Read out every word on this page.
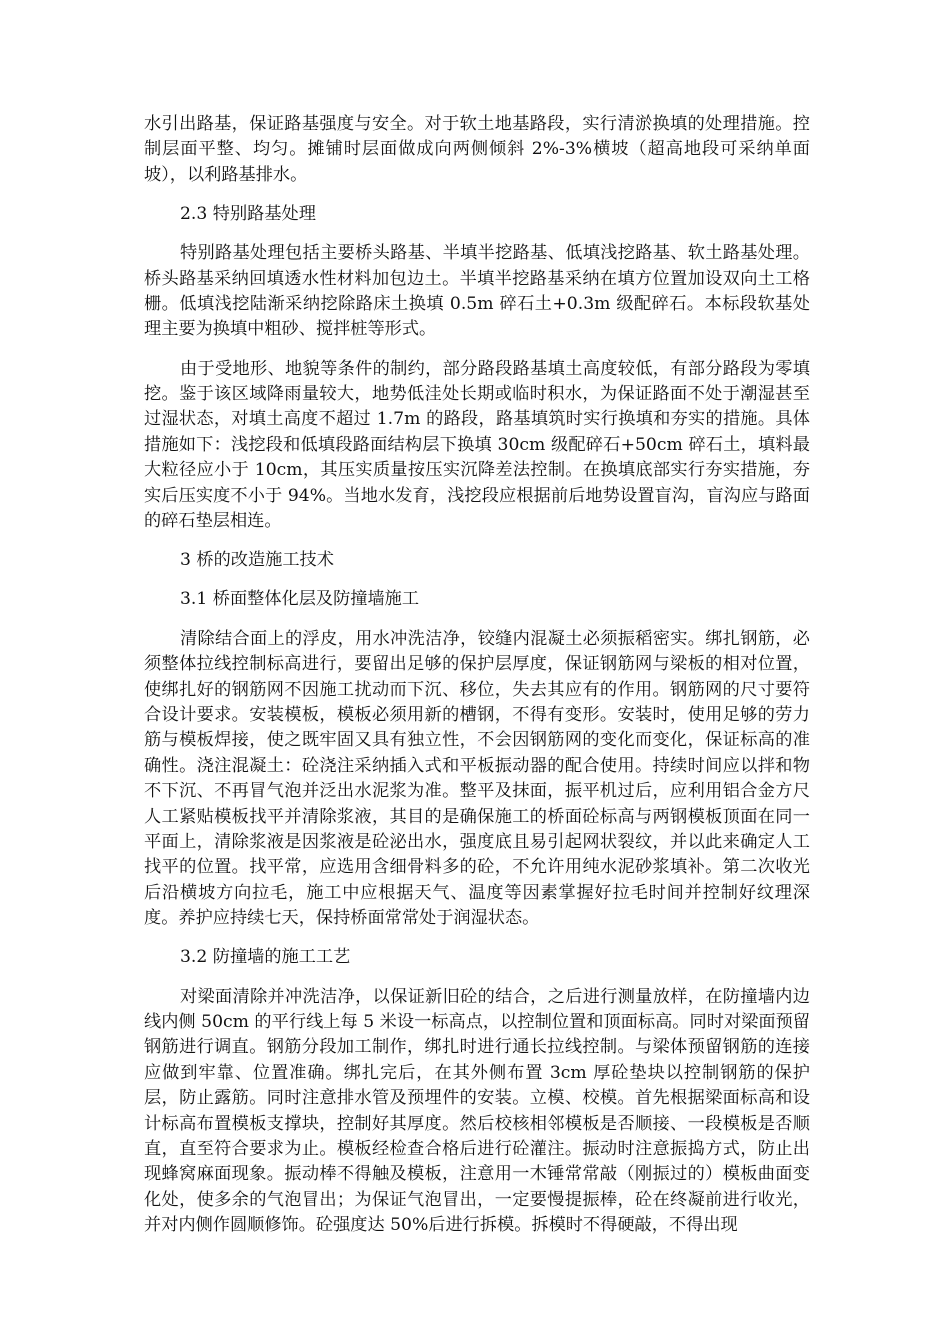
水引出路基，保证路基强度与安全。对于软土地基路段，实行清淤换填的处理措施。控制层面平整、均匀。摊铺时层面做成向两侧倾斜 2%-3%横坡（超高地段可采纳单面坡），以利路基排水。

2.3 特别路基处理

特别路基处理包括主要桥头路基、半填半挖路基、低填浅挖路基、软土路基处理。桥头路基采纳回填透水性材料加包边土。半填半挖路基采纳在填方位置加设双向土工格栅。低填浅挖陆渐采纳挖除路床土换填 0.5m 碎石土+0.3m 级配碎石。本标段软基处理主要为换填中粗砂、搅拌桩等形式。

由于受地形、地貌等条件的制约，部分路段路基填土高度较低，有部分路段为零填挖。鉴于该区域降雨量较大，地势低洼处长期或临时积水，为保证路面不处于潮湿甚至过湿状态，对填土高度不超过 1.7m 的路段，路基填筑时实行换填和夯实的措施。具体措施如下：浅挖段和低填段路面结构层下换填 30cm 级配碎石+50cm 碎石土，填料最大粒径应小于 10cm，其压实质量按压实沉降差法控制。在换填底部实行夯实措施，夯实后压实度不小于 94%。当地水发育，浅挖段应根据前后地势设置盲沟，盲沟应与路面的碎石垫层相连。

3 桥的改造施工技术

3.1 桥面整体化层及防撞墙施工

清除结合面上的浮皮，用水冲洗洁净，铰缝内混凝土必须振稻密实。绑扎钢筋，必须整体拉线控制标高进行，要留出足够的保护层厚度，保证钢筋网与梁板的相对位置，使绑扎好的钢筋网不因施工扰动而下沉、移位，失去其应有的作用。钢筋网的尺寸要符合设计要求。安装模板，模板必须用新的槽钢，不得有变形。安装时，使用足够的劳力筋与模板焊接，使之既牢固又具有独立性，不会因钢筋网的变化而变化，保证标高的准确性。浇注混凝土：砼浇注采纳插入式和平板振动器的配合使用。持续时间应以拌和物不下沉、不再冒气泡并泛出水泥浆为准。整平及抹面，振平机过后，应利用铝合金方尺人工紧贴模板找平并清除浆液，其目的是确保施工的桥面砼标高与两钢模板顶面在同一平面上，清除浆液是因浆液是砼泌出水，强度底且易引起网状裂纹，并以此来确定人工找平的位置。找平常，应选用含细骨料多的砼，不允许用纯水泥砂浆填补。第二次收光后沿横坡方向拉毛，施工中应根据天气、温度等因素掌握好拉毛时间并控制好纹理深度。养护应持续七天，保持桥面常常处于润湿状态。

3.2 防撞墙的施工工艺

对梁面清除并冲洗洁净，以保证新旧砼的结合，之后进行测量放样，在防撞墙内边线内侧 50cm 的平行线上每 5 米设一标高点，以控制位置和顶面标高。同时对梁面预留钢筋进行调直。钢筋分段加工制作，绑扎时进行通长拉线控制。与梁体预留钢筋的连接应做到牢靠、位置准确。绑扎完后，在其外侧布置 3cm 厚砼垫块以控制钢筋的保护层，防止露筋。同时注意排水管及预埋件的安装。立模、校模。首先根据梁面标高和设计标高布置模板支撑块，控制好其厚度。然后校核相邻模板是否顺接、一段模板是否顺直，直至符合要求为止。模板经检查合格后进行砼灌注。振动时注意振捣方式，防止出现蜂窝麻面现象。振动棒不得触及模板，注意用一木锤常常敲（刚振过的）模板曲面变化处，使多余的气泡冒出；为保证气泡冒出，一定要慢提振棒，砼在终凝前进行收光，并对内侧作圆顺修饰。砼强度达 50%后进行拆模。拆模时不得硬敲，不得出现
